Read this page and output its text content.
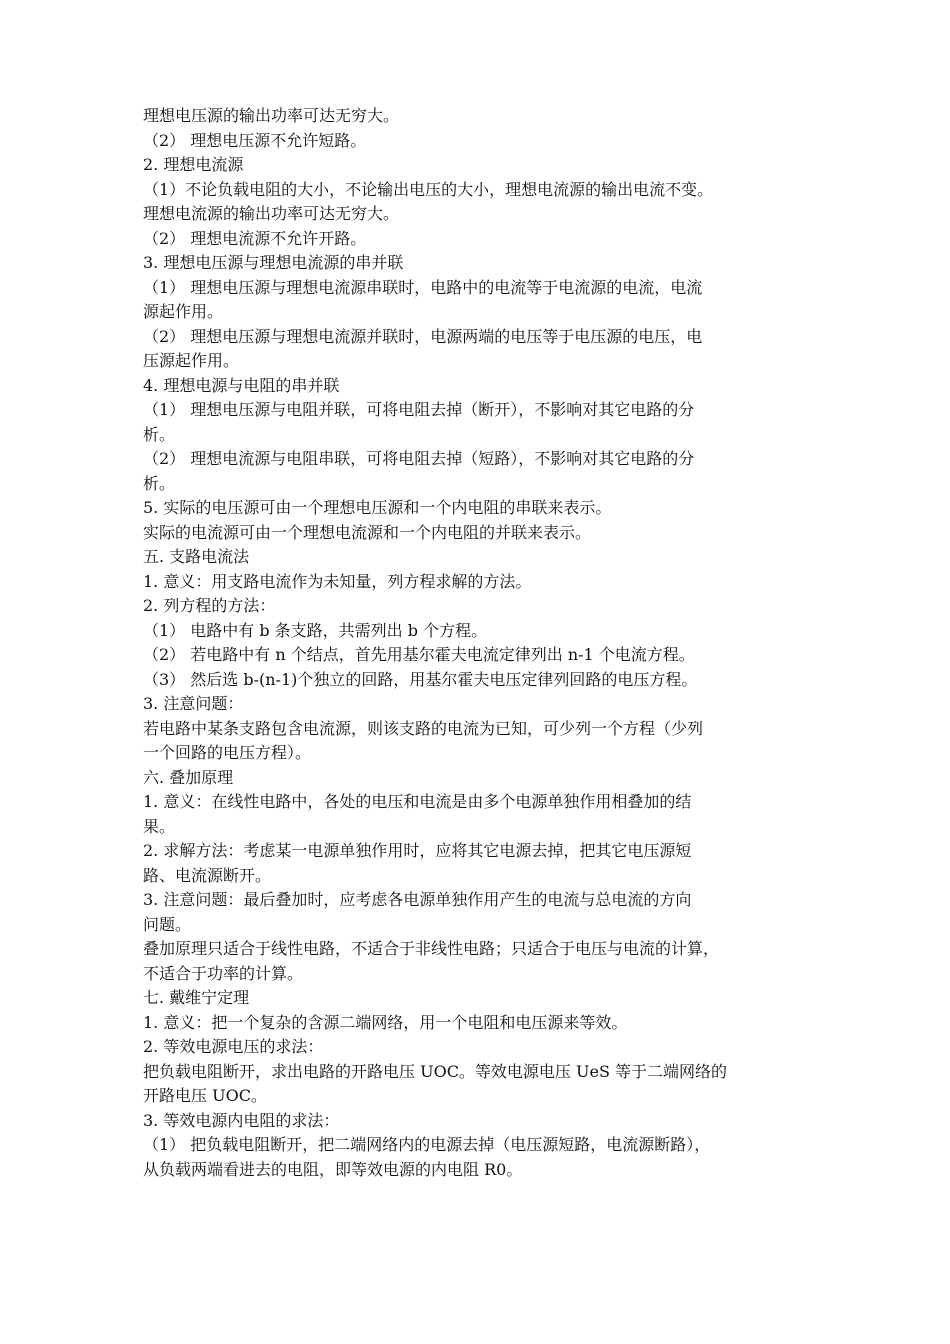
理想电压源的输出功率可达无穷大。
（2） 理想电压源不允许短路。
2. 理想电流源
（1）不论负载电阻的大小，不论输出电压的大小，理想电流源的输出电流不变。
理想电流源的输出功率可达无穷大。
（2） 理想电流源不允许开路。
3. 理想电压源与理想电流源的串并联
（1） 理想电压源与理想电流源串联时，电路中的电流等于电流源的电流，电流
源起作用。
（2） 理想电压源与理想电流源并联时，电源两端的电压等于电压源的电压，电
压源起作用。
4. 理想电源与电阻的串并联
（1） 理想电压源与电阻并联，可将电阻去掉（断开），不影响对其它电路的分
析。
（2） 理想电流源与电阻串联，可将电阻去掉（短路），不影响对其它电路的分
析。
5. 实际的电压源可由一个理想电压源和一个内电阻的串联来表示。
实际的电流源可由一个理想电流源和一个内电阻的并联来表示。
五. 支路电流法
1. 意义：用支路电流作为未知量，列方程求解的方法。
2. 列方程的方法：
（1） 电路中有 b 条支路，共需列出 b 个方程。
（2） 若电路中有 n 个结点，首先用基尔霍夫电流定律列出 n-1 个电流方程。
（3） 然后选 b-(n-1)个独立的回路，用基尔霍夫电压定律列回路的电压方程。
3. 注意问题：
若电路中某条支路包含电流源，则该支路的电流为已知，可少列一个方程（少列
一个回路的电压方程）。
六. 叠加原理
1. 意义：在线性电路中，各处的电压和电流是由多个电源单独作用相叠加的结
果。
2. 求解方法：考虑某一电源单独作用时，应将其它电源去掉，把其它电压源短
路、电流源断开。
3. 注意问题：最后叠加时，应考虑各电源单独作用产生的电流与总电流的方向
问题。
叠加原理只适合于线性电路，不适合于非线性电路；只适合于电压与电流的计算，
不适合于功率的计算。
七. 戴维宁定理
1. 意义：把一个复杂的含源二端网络，用一个电阻和电压源来等效。
2. 等效电源电压的求法：
把负载电阻断开，求出电路的开路电压 UOC。等效电源电压 UeS 等于二端网络的
开路电压 UOC。
3. 等效电源内电阻的求法：
（1） 把负载电阻断开，把二端网络内的电源去掉（电压源短路，电流源断路），
从负载两端看进去的电阻，即等效电源的内电阻 R0。
